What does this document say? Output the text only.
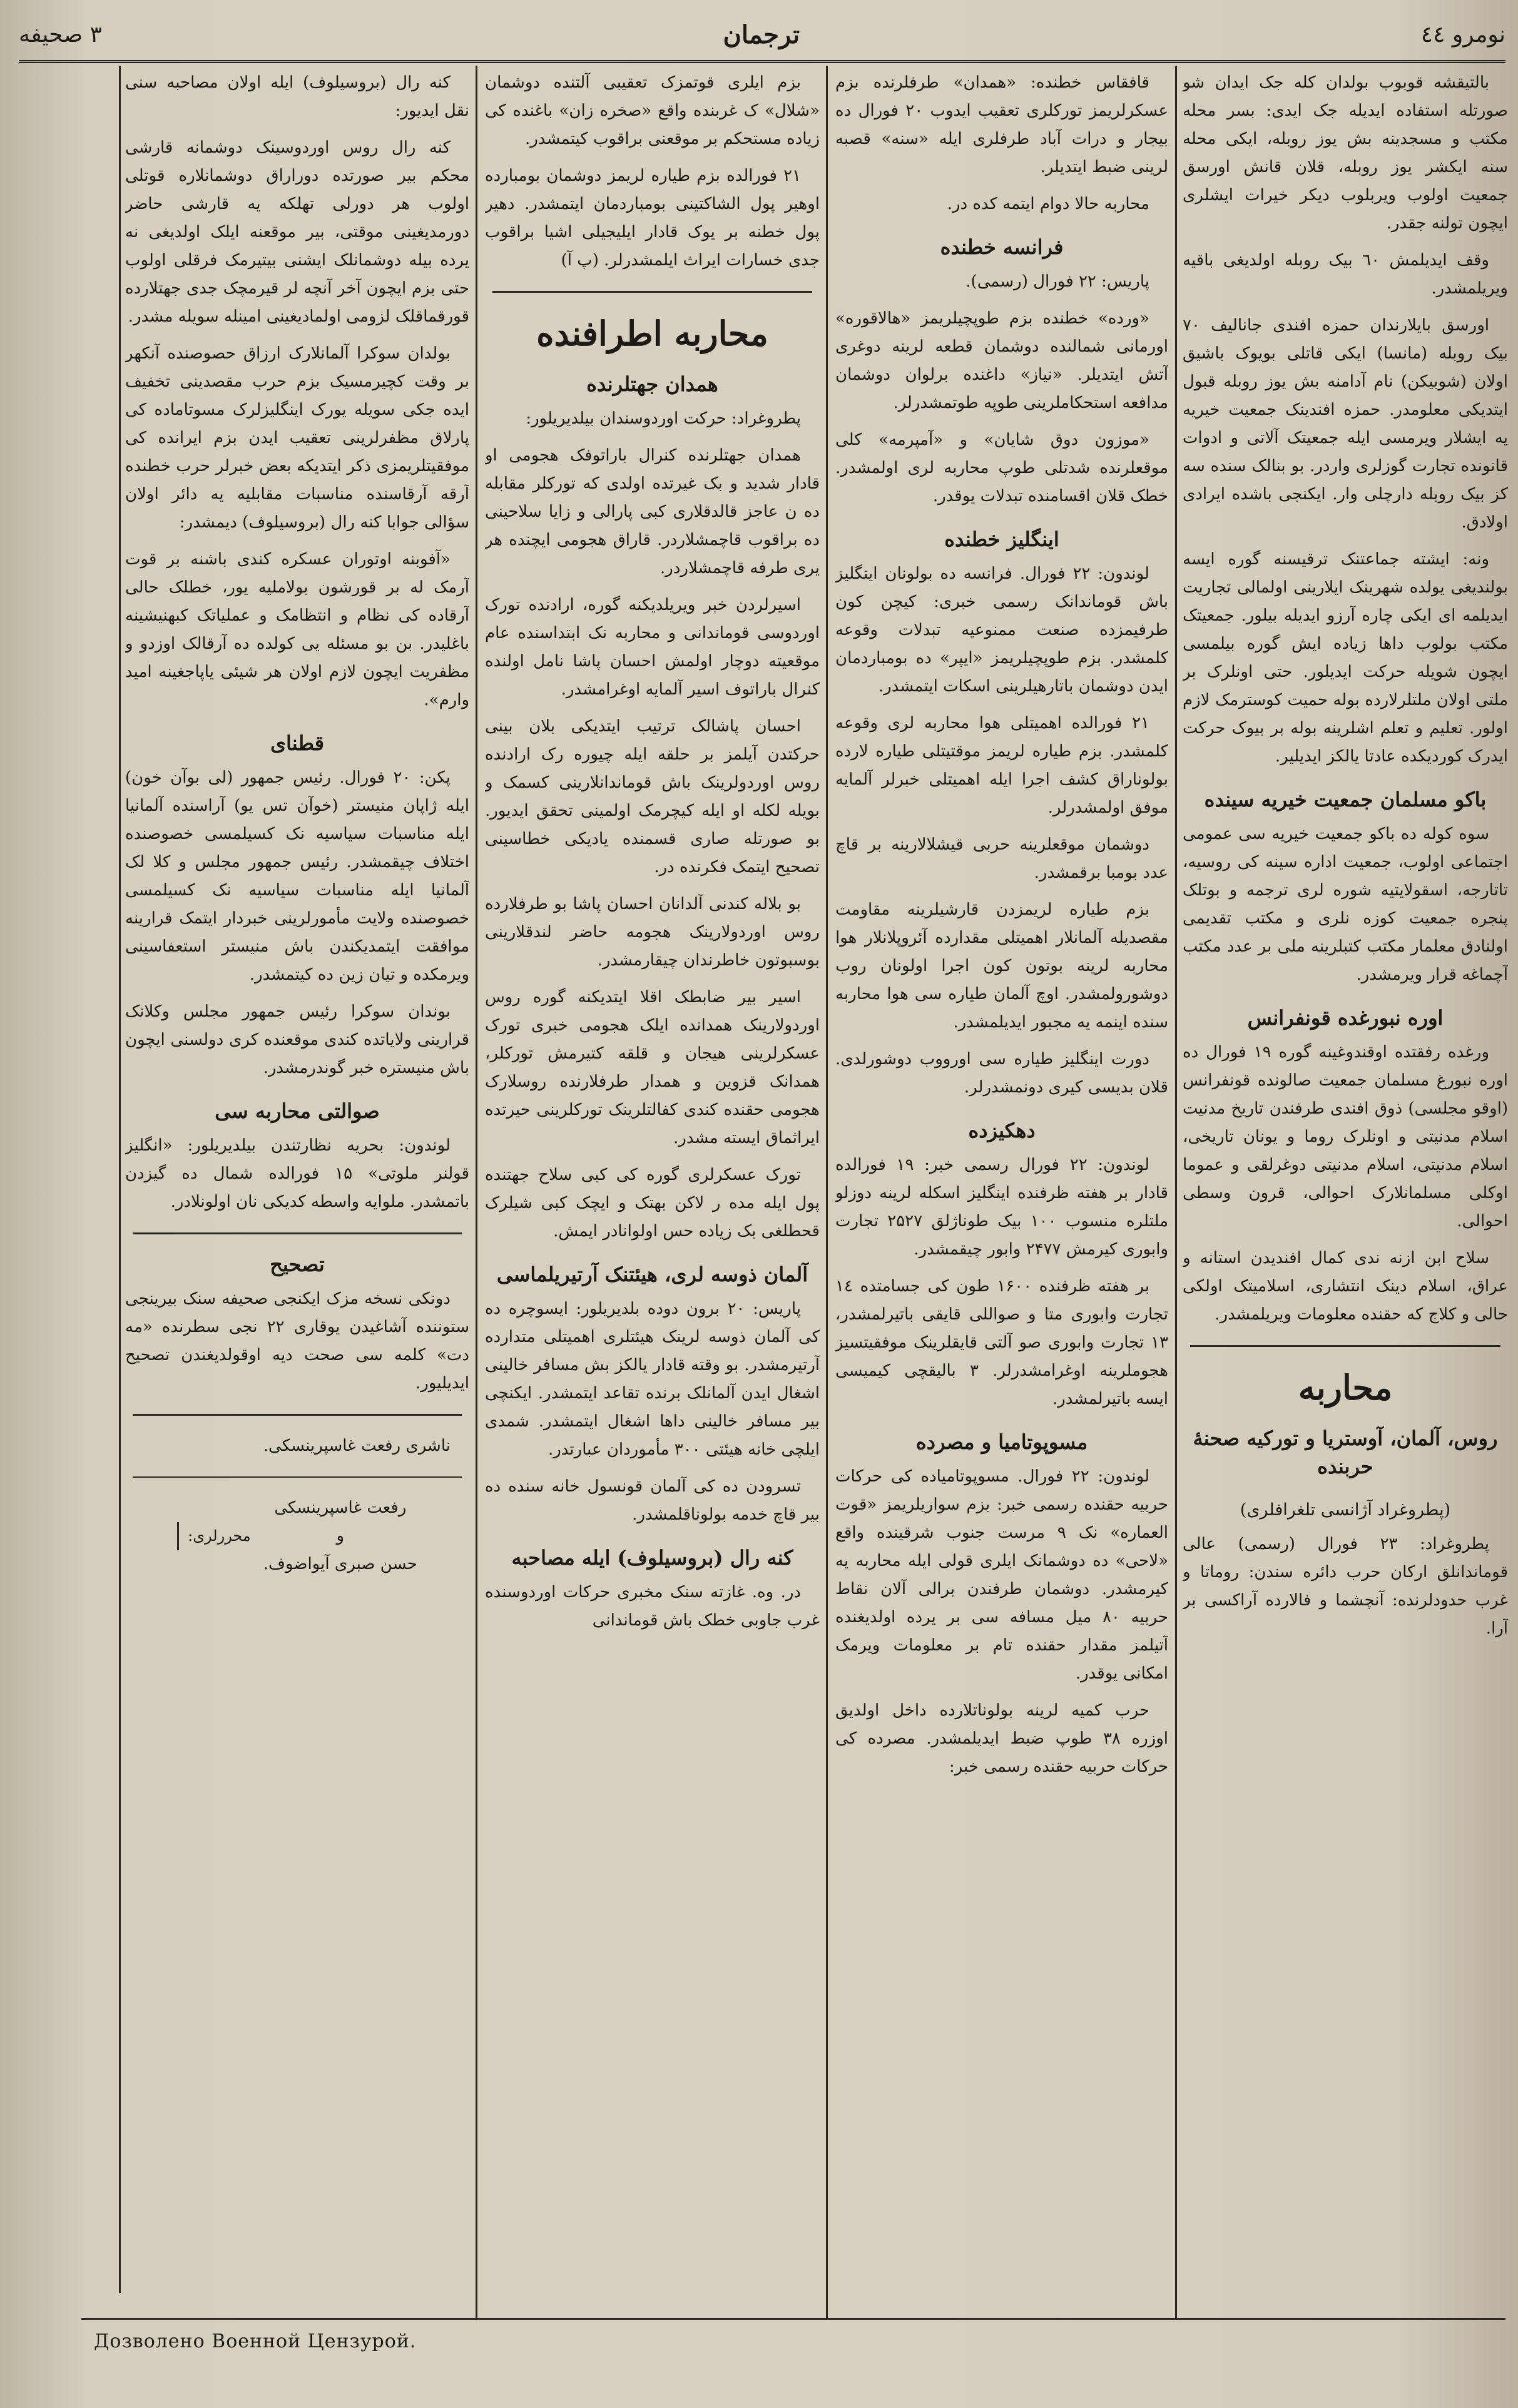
نومرو ٤٤
ترجمان
۳ صحیفه

بالتیقشه قوبوب بولدان کله جک ایدان شو صورتله استفاده ایدیله جک ایدی: بسر محله مکتب و مسجدینه بش یوز روبله، ایکی محله سنه ایکشر یوز روبله، قلان قانش اورسق جمعیت اولوب ویربلوب دیکر خیرات ایشلری ایچون تولنه جقدر.

وقف ایدیلمش ٦٠ بیک روبله اولدیغی باقیه ویریلمشدر.

اورسق بایلارندان حمزه افندی جانالیف ۷۰ بیک روبله (مانسا) ایکی قاتلی بویوک باشیق اولان (شوبیکن) نام آدامنه بش یوز روبله قبول ایتدیکی معلومدر. حمزه افندینک جمعیت خیریه یه ایشلار ویرمسی ایله جمعیتک آلاتی و ادوات قانونده تجارت گوزلری واردر. بو بنالک سنده سه کز بیک روبله دارچلی وار. ایکنجی باشده ایرادی اولادق.

ونه: ایشته جماعتنک ترقیسنه گوره ایسه بولندیغی یولده شهرینک ایلارینی اولمالی تجاریت ایدیلمه ای ایکی چاره آرزو ایدیله بیلور. جمعیتک مکتب بولوب داها زیاده ایش گوره بیلمسی ایچون شویله حرکت ایدیلور. حتی اونلرک بر ملتی اولان ملتلرلارده بوله حمیت کوسترمک لازم اولور. تعلیم و تعلم اشلرینه بوله بر بیوک حرکت ایدرک کوردیکده عادتا یالکز ایدیلیر.

باکو مسلمان جمعیت خیریه سینده

سوه کوله ده باکو جمعیت خیریه سی عمومی اجتماعی اولوب، جمعیت اداره سینه کی روسیه، تاتارجه، اسقولایتیه شوره لری ترجمه و بوتلک پنجره جمعیت کوزه نلری و مکتب تقدیمی اولنادق معلمار مکتب کتبلرینه ملی بر عدد مکتب آچماغه قرار ویرمشدر.

اوره نبورغده قونفرانس

ورغده رفقتده اوقندوغینه گوره ۱۹ فورال ده اوره نبورغ مسلمان جمعیت صالونده قونفرانس (اوقو مجلسی) ذوق افندی طرفندن تاریخ مدنیت اسلام مدنیتی و اونلرک روما و یونان تاریخی، اسلام مدنیتی، اسلام مدنیتی دوغرلقی و عموما اوکلی مسلمانلارک احوالی، قرون وسطی احوالی.

سلاح ابن ازنه ندی کمال افندیدن استانه و عراق، اسلام دینک انتشاری، اسلامیتک اولکی حالی و کلاج که حقنده معلومات ویریلمشدر.

محاربه
روس، آلمان، آوستریا و تورکیه صحنهٔ حربنده
(پطروغراد آژانسی تلغرافلری)

پطروغراد: ۲۳ فورال (رسمی) عالی قوماندانلق ارکان حرب دائره سندن: روماتا و غرب حدودلرنده: آنچشما و فالارده آراکسی بر آرا.

قافقاس خطنده: «همدان» طرفلرنده بزم عسکرلریمز تورکلری تعقیب ایدوب ۲۰ فورال ده بیجار و درات آباد طرفلری ایله «سنه» قصبه لرینی ضبط ایتدیلر.

محاربه حالا دوام ایتمه کده در.

فرانسه خطنده

پاریس: ۲۲ فورال (رسمی).

«ورده» خطنده بزم طوپچیلریمز «هالاقوره» اورمانی شمالنده دوشمان قطعه لرینه دوغری آتش ایتدیلر. «نیاز» داغنده برلوان دوشمان مدافعه استحکاملرینی طوپه طوتمشدرلر.

«موزون دوق شایان» و «آمپرمه» کلی موقعلرنده شدتلی طوپ محاربه لری اولمشدر. خطک قلان اقسامنده تبدلات یوقدر.

اینگلیز خطنده

لوندون: ۲۲ فورال. فرانسه ده بولونان اینگلیز باش قوماندانک رسمی خبری: کیچن کون طرفیمزده صنعت ممنوعیه تبدلات وقوعه کلمشدر. بزم طوپچیلریمز «ایپر» ده بومباردمان ایدن دوشمان باتارهیلرینی اسکات ایتمشدر.

۲۱ فورالده اهمیتلی هوا محاربه لری وقوعه کلمشدر. بزم طیاره لریمز موقتیتلی طیاره لارده بولوناراق کشف اجرا ایله اهمیتلی خبرلر آلمایه موفق اولمشدرلر.

دوشمان موقعلرینه حربی قیشلالارینه بر قاچ عدد بومبا برقمشدر.

بزم طیاره لریمزدن قارشیلرینه مقاومت مقصدیله آلمانلار اهمیتلی مقدارده آئروپلانلار هوا محاربه لرینه بوتون کون اجرا اولونان روب دوشورولمشدر. اوچ آلمان طیاره سی هوا محاربه سنده اینمه یه مجبور ایدیلمشدر.

دورت اینگلیز طیاره سی اورووب دوشورلدی. قلان بدیسی کیری دونمشدرلر.

دهکیزده

لوندون: ۲۲ فورال رسمی خبر: ۱۹ فورالده قادار بر هفته ظرفنده اینگلیز اسکله لرینه دوزلو ملتلره منسوب ۱۰۰ بیک طوناژلق ۲۵۲۷ تجارت وابوری کیرمش ۲۴۷۷ وابور چیقمشدر.

بر هفته ظرفنده ۱۶۰۰ طون کی جسامتده ۱٤ تجارت وابوری متا و صواللی قایقی باتیرلمشدر، ۱۳ تجارت وابوری صو آلتی قایقلرینک موفقیتسیز هجوملرینه اوغرامشدرلر. ۳ بالیقچی کیمیسی ایسه باتیرلمشدر.

مسوپوتامیا و مصرده

لوندون: ۲۲ فورال. مسوپوتامیاده کی حرکات حربیه حقنده رسمی خبر: بزم سواریلریمز «قوت العماره» نک ۹ مرست جنوب شرقینده واقع «لاحی» ده دوشمانک ایلری قولی ایله محاربه یه کیرمشدر. دوشمان طرفندن برالی آلان نقاط حربیه ۸۰ میل مسافه سی بر یرده اولدیغنده آتیلمز مقدار حقنده تام بر معلومات ویرمک امکانی یوقدر.

حرب کمیه لرینه بولوناتلارده داخل اولدیق اوزره ۳۸ طوپ ضبط ایدیلمشدر. مصرده کی حرکات حربیه حقنده رسمی خبر:

بزم ایلری قوتمزک تعقیبی آلتنده دوشمان «شلال» ک غربنده واقع «صخره زان» باغنده کی زیاده مستحکم بر موقعنی براقوب کیتمشدر.

۲۱ فورالده بزم طیاره لریمز دوشمان بومبارده اوهیر پول الشاکتینی بومباردمان ایتمشدر. دهیر پول خطنه بر یوک قادار ایلیجیلی اشیا براقوب جدی خسارات ایراث ایلمشدرلر. (پ آ)

محاربه اطرافنده
همدان جهتلرنده

پطروغراد: حرکت اوردوسندان بیلدیریلور:

همدان جهتلرنده کنرال باراتوفک هجومی او قادار شدید و بک غیرتده اولدی که تورکلر مقابله ده ن عاجز قالدقلاری کبی پارالی و زایا سلاحینی ده براقوب قاچمشلاردر. قاراق هجومی ایچنده هر یری طرفه قاچمشلاردر.

اسیرلردن خبر ویریلدیکنه گوره، ارادنده تورک اوردوسی قوماندانی و محاربه نک ابتداسنده عام موقعیته دوچار اولمش احسان پاشا نامل اولنده کنرال باراتوف اسیر آلمایه اوغرامشدر.

احسان پاشالک ترتیب ایتدیکی بلان بینی حرکتدن آیلمز بر حلقه ایله چیوره رک ارادنده روس اوردولرینک باش قوماندانلارینی کسمک و بویله لکله او ایله کیچرمک اولمینی تحقق ایدیور. بو صورتله صاری قسمنده یادیکی خطاسینی تصحیح ایتمک فکرنده در.

بو بلاله کندنی آلدانان احسان پاشا بو طرفلارده روس اوردولارینک هجومه حاضر لندقلارینی بوسبوتون خاطرندان چیقارمشدر.

اسیر بیر ضابطک اقلا ایتدیکنه گوره روس اوردولارینک همدانده ایلک هجومی خبری تورک عسکرلرینی هیجان و قلقه کتیرمش تورکلر، همدانک قزوین و همدار طرفلارنده روسلارک هجومی حقنده کندی کفالتلرینک تورکلرینی حیرتده ایراثماق ایسته مشدر.

تورک عسکرلری گوره کی کبی سلاح جهتنده پول ایله مده ر لاکن بهتک و ایچک کبی شیلرک قحطلغی بک زیاده حس اولوانادر ایمش.

آلمان ذوسه لری، هیئتنک آرتیریلماسی

پاریس: ۲۰ برون دوده بلدیریلور: ایسوچره ده کی آلمان ذوسه لرینک هیئتلری اهمیتلی متدارده آرتیرمشدر. بو وقته قادار یالکز بش مسافر خالینی اشغال ایدن آلمانلک برنده تقاعد ایتمشدر. ایکنچی بیر مسافر خالینی داها اشغال ایتمشدر. شمدی ایلچی خانه هیئتی ۳۰۰ مأموردان عبارتدر.

تسرودن ده کی آلمان قونسول خانه سنده ده بیر قاچ خدمه بولوناقلمشدر.

کنه رال (بروسیلوف) ایله مصاحبه

در. وه. غازته سنک مخبری حرکات اوردوسنده غرب جاوبی خطک باش قوماندانی

کنه رال (بروسیلوف) ایله اولان مصاحبه سنی نقل ایدیور:

کنه رال روس اوردوسینک دوشمانه قارشی محکم بیر صورتده دوراراق دوشمانلاره قوتلی اولوب هر دورلی تهلکه یه قارشی حاضر دورمدیغینی موقتی، بیر موقعنه ایلک اولدیغی نه یرده بیله دوشمانلک ایشنی بیتیرمک فرقلی اولوب حتی بزم ایچون آخر آنچه لر قیرمچک جدی جهتلارده قورقماقلک لزومی اولمادیغینی امینله سویله مشدر.

بولدان سوکرا آلمانلارک ارزاق حصوصنده آنکهر بر وقت کچیرمسیک بزم حرب مقصدینی تخفیف ایده جکی سویله یورک اینگلیزلرک مسوتاماده کی پارلاق مظفرلرینی تعقیب ایدن بزم ایرانده کی موفقیتلریمزی ذکر ایتدیکه بعض خبرلر حرب خطنده آرقه آرقاسنده مناسبات مقابلیه یه دائر اولان سؤالی جوابا کنه رال (بروسیلوف) دیمشدر:

«آفوبنه اوتوران عسکره کندی باشنه بر قوت آرمک له بر قورشون بولاملیه یور، خطلک حالی آرقاده کی نظام و انتظامک و عملیاتک کبهنیشینه باغلیدر. بن بو مسئله یی کولده ده آرقالک اوزدو و مظفریت ایچون لازم اولان هر شیئی یاپاجغینه امید وارم».

قطنای

پکن: ۲۰ فورال. رئیس جمهور (لی بوآن خون) ایله ژاپان منیستر (خوآن تس یو) آراسنده آلمانیا ایله مناسبات سیاسیه نک کسیلمسی خصوصنده اختلاف چیقمشدر. رئیس جمهور مجلس و کلا لک آلمانیا ایله مناسبات سیاسیه نک کسیلمسی خصوصنده ولایت مأمورلرینی خبردار ایتمک قرارینه موافقت ایتمدیکندن باش منیستر استعفاسینی ویرمکده و تیان زین ده کیتمشدر.

بوندان سوکرا رئیس جمهور مجلس وکلانک قرارینی ولایاتده کندی موقعنده کری دولسنی ایچون باش منیستره خبر گوندرمشدر.

صوالتی محاربه سی

لوندون: بحریه نظارتندن بیلدیریلور: «انگلیز قولنر ملوتی» ۱۵ فورالده شمال ده گیزدن باتمشدر. ملوایه واسطه کدیکی نان اولونلادر.

تصحیح

دونکی نسخه مزک ایکنجی صحیفه سنک بیرینجی ستوننده آشاغیدن یوقاری ۲۲ نجی سطرنده «مه دت» کلمه سی صحت دیه اوقولدیغندن تصحیح ایدیلیور.

ناشری رفعت غاسپرینسکی.

رفعت غاسپرینسکی
و
حسن صبری آیواضوف.
محررلری:
Дозволено Военной Цензурой.
